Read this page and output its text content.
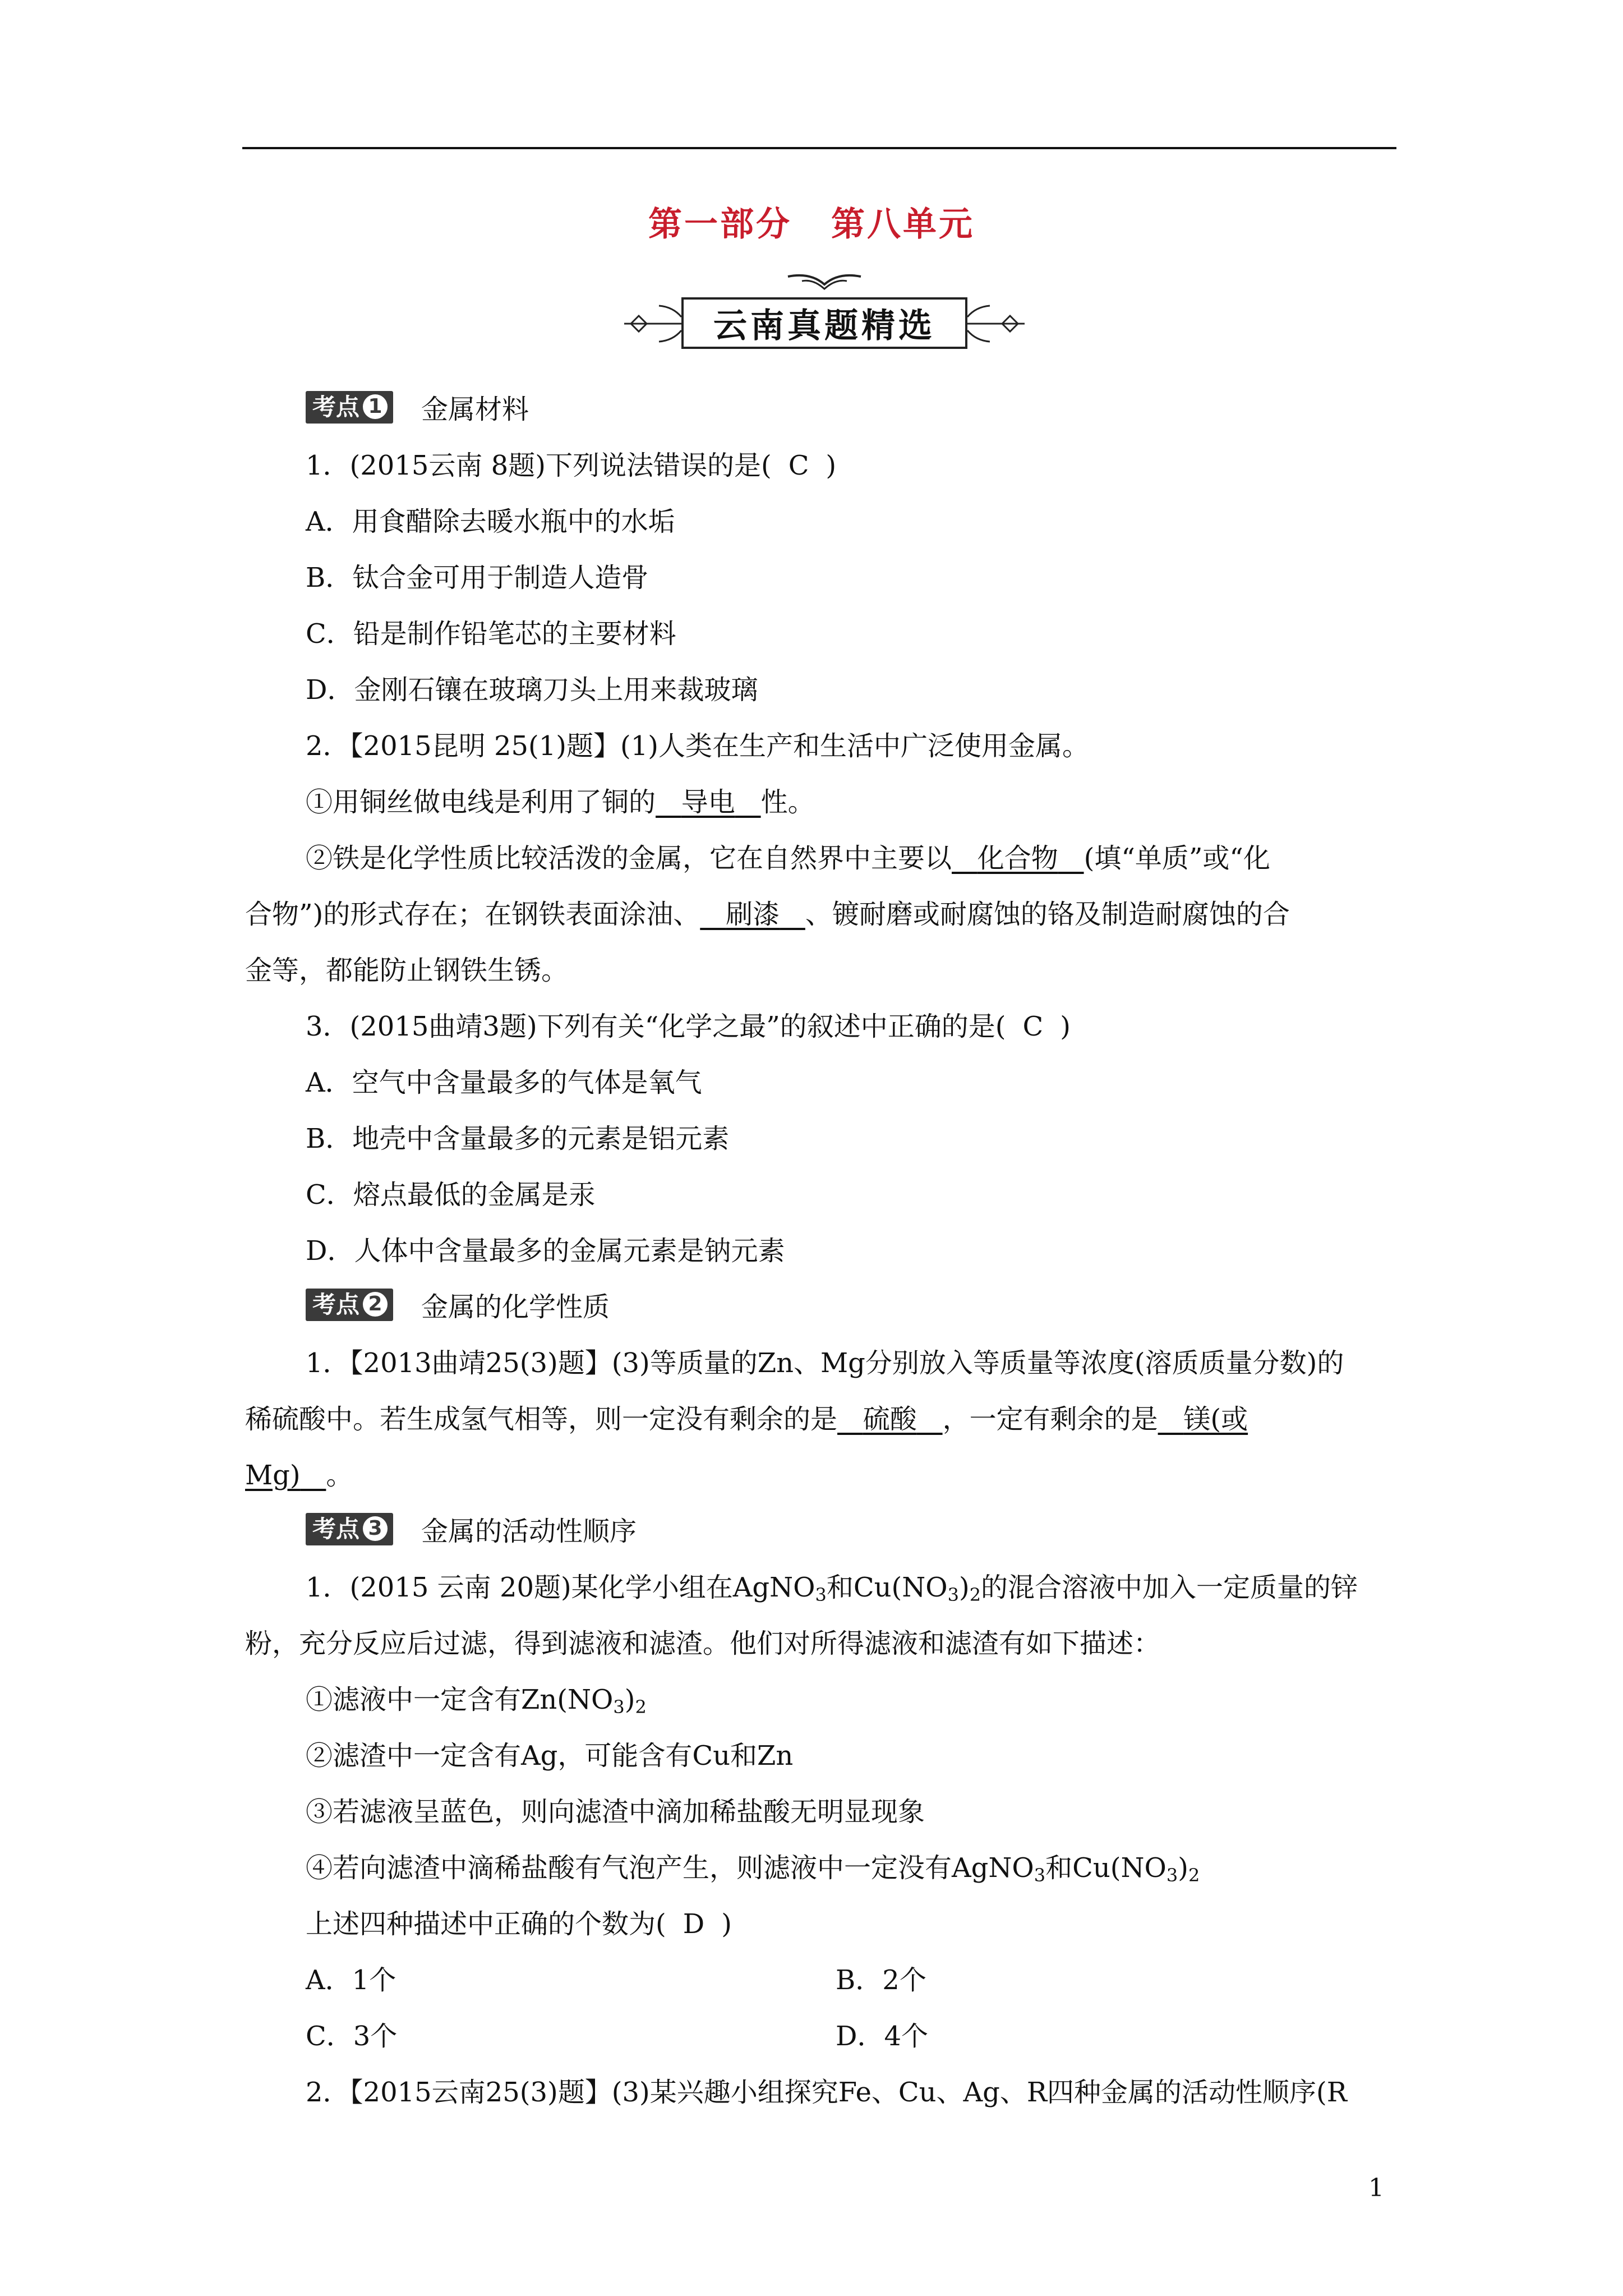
第一部分 第八单元
云南真题精选
考点 1 金属材料
1．(2015云南 8题)下列说法错误的是( C )
A．用食醋除去暖水瓶中的水垢
B．钛合金可用于制造人造骨
C．铅是制作铅笔芯的主要材料
D．金刚石镶在玻璃刀头上用来裁玻璃
2．【2015昆明 25(1)题】(1)人类在生产和生活中广泛使用金属。
①用铜丝做电线是利用了铜的 导电 性。
②铁是化学性质比较活泼的金属，它在自然界中主要以 化合物 (填“单质”或“化
合物”)的形式存在；在钢铁表面涂油、 刷漆 、镀耐磨或耐腐蚀的铬及制造耐腐蚀的合
金等，都能防止钢铁生锈。
3．(2015曲靖3题)下列有关“化学之最”的叙述中正确的是( C )
A．空气中含量最多的气体是氧气
B．地壳中含量最多的元素是铝元素
C．熔点最低的金属是汞
D．人体中含量最多的金属元素是钠元素
考点 2 金属的化学性质
1．【2013曲靖25(3)题】(3)等质量的Zn、Mg分别放入等质量等浓度(溶质质量分数)的
稀硫酸中。若生成氢气相等，则一定没有剩余的是 硫酸 ，一定有剩余的是 镁(或
Mg) 。
考点 3 金属的活动性顺序
1．(2015 云南 20题)某化学小组在AgNO$_3$和$Cu(NO_3)_2$的混合溶液中加入一定质量的锌
粉，充分反应后过滤，得到滤液和滤渣。他们对所得滤液和滤渣有如下描述：
①滤液中一定含有$Zn(NO_3)_2$
②滤渣中一定含有Ag，可能含有Cu和Zn
③若滤液呈蓝色，则向滤渣中滴加稀盐酸无明显现象
④若向滤渣中滴稀盐酸有气泡产生，则滤液中一定没有AgNO$_3$和$Cu(NO_3)_2$
上述四种描述中正确的个数为( D )
A．1个	B．2个
C．3个	D．4个
2．【2015云南25(3)题】(3)某兴趣小组探究Fe、Cu、Ag、R四种金属的活动性顺序(R
1
